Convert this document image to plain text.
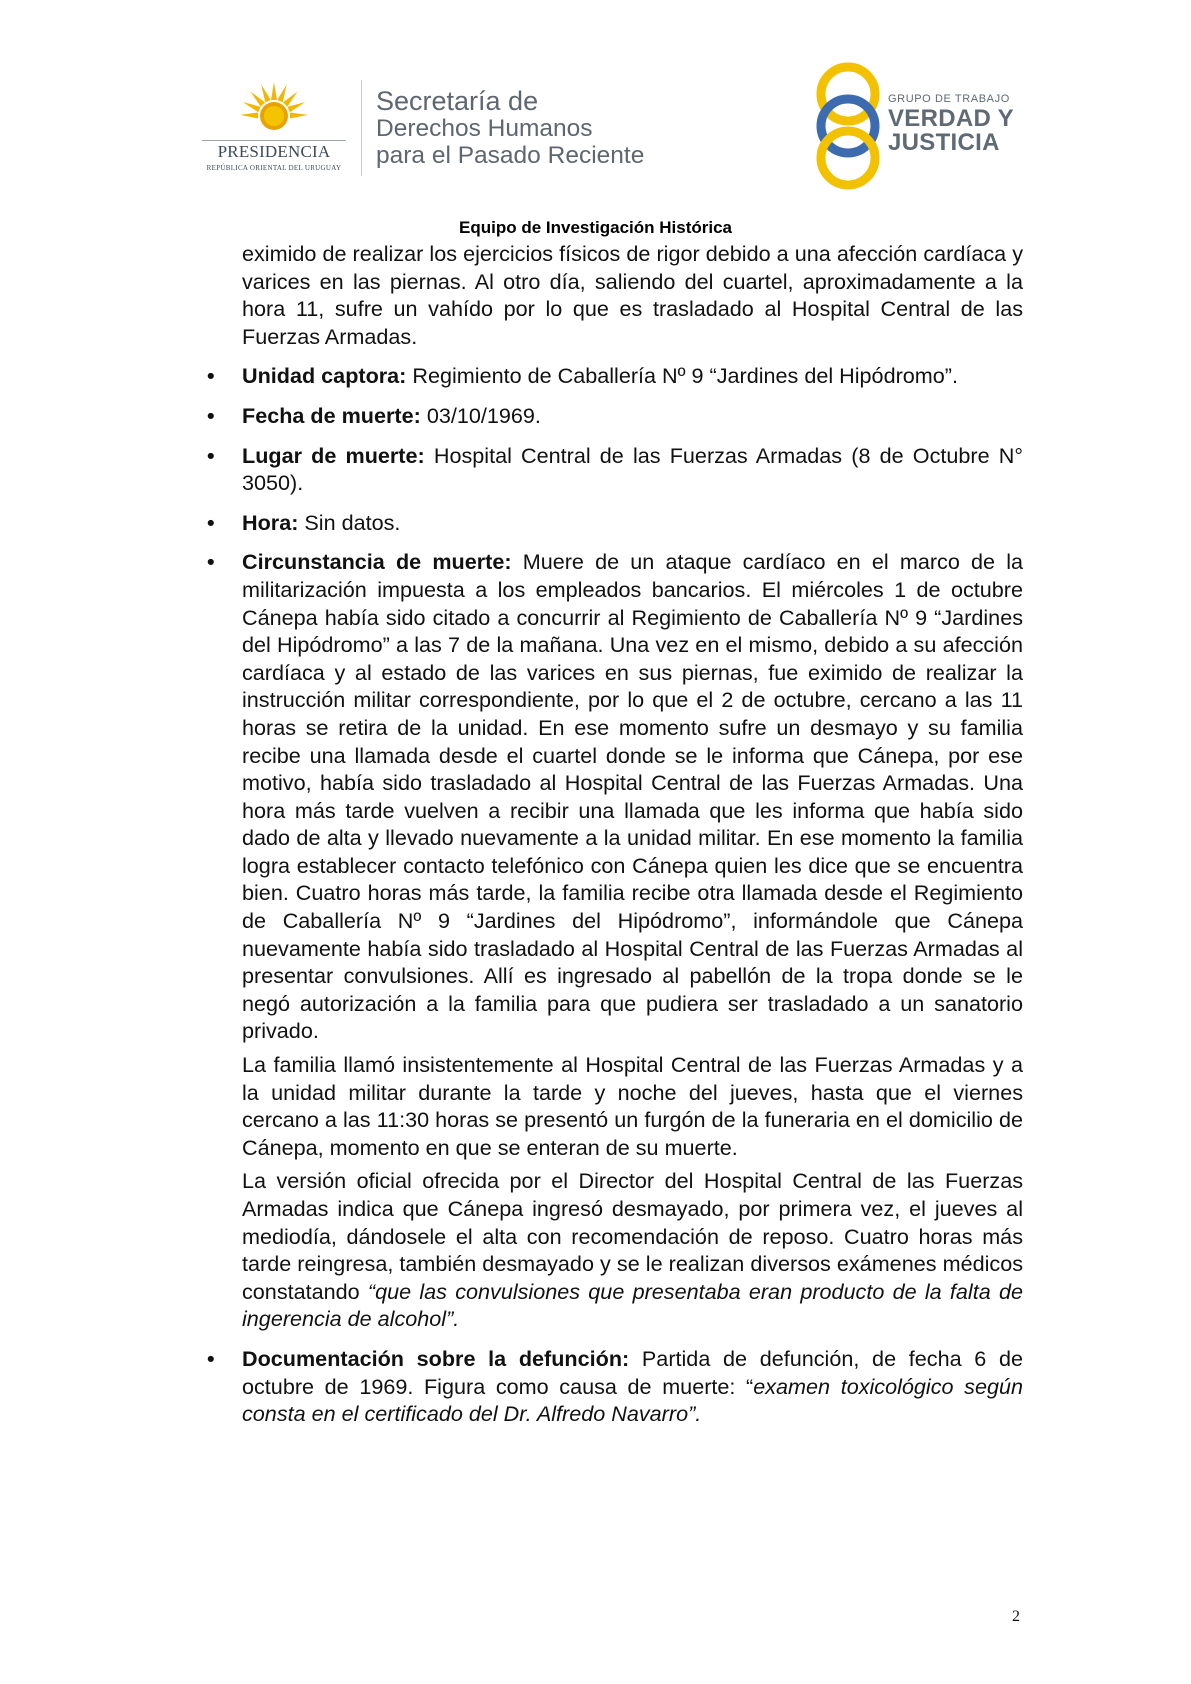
PRESIDENCIA
REPÚBLICA ORIENTAL DEL URUGUAY
Secretaría de
Derechos Humanos
para el Pasado Reciente
GRUPO DE TRABAJO
VERDAD Y
JUSTICIA
Equipo de Investigación Histórica

eximido de realizar los ejercicios físicos de rigor debido a una afección cardíaca y varices en las piernas. Al otro día, saliendo del cuartel, aproximadamente a la hora 11, sufre un vahído por lo que es trasladado al Hospital Central de las Fuerzas Armadas.

• Unidad captora: Regimiento de Caballería Nº 9 “Jardines del Hipódromo”.
• Fecha de muerte: 03/10/1969.
• Lugar de muerte: Hospital Central de las Fuerzas Armadas (8 de Octubre N° 3050).
• Hora: Sin datos.
• Circunstancia de muerte: Muere de un ataque cardíaco en el marco de la militarización impuesta a los empleados bancarios. El miércoles 1 de octubre Cánepa había sido citado a concurrir al Regimiento de Caballería Nº 9 “Jardines del Hipódromo” a las 7 de la mañana. Una vez en el mismo, debido a su afección cardíaca y al estado de las varices en sus piernas, fue eximido de realizar la instrucción militar correspondiente, por lo que el 2 de octubre, cercano a las 11 horas se retira de la unidad. En ese momento sufre un desmayo y su familia recibe una llamada desde el cuartel donde se le informa que Cánepa, por ese motivo, había sido trasladado al Hospital Central de las Fuerzas Armadas. Una hora más tarde vuelven a recibir una llamada que les informa que había sido dado de alta y llevado nuevamente a la unidad militar. En ese momento la familia logra establecer contacto telefónico con Cánepa quien les dice que se encuentra bien. Cuatro horas más tarde, la familia recibe otra llamada desde el Regimiento de Caballería Nº 9 “Jardines del Hipódromo”, informándole que Cánepa nuevamente había sido trasladado al Hospital Central de las Fuerzas Armadas al presentar convulsiones. Allí es ingresado al pabellón de la tropa donde se le negó autorización a la familia para que pudiera ser trasladado a un sanatorio privado.
La familia llamó insistentemente al Hospital Central de las Fuerzas Armadas y a la unidad militar durante la tarde y noche del jueves, hasta que el viernes cercano a las 11:30 horas se presentó un furgón de la funeraria en el domicilio de Cánepa, momento en que se enteran de su muerte.
La versión oficial ofrecida por el Director del Hospital Central de las Fuerzas Armadas indica que Cánepa ingresó desmayado, por primera vez, el jueves al mediodía, dándosele el alta con recomendación de reposo. Cuatro horas más tarde reingresa, también desmayado y se le realizan diversos exámenes médicos constatando “que las convulsiones que presentaba eran producto de la falta de ingerencia de alcohol”.
• Documentación sobre la defunción: Partida de defunción, de fecha 6 de octubre de 1969. Figura como causa de muerte: “examen toxicológico según consta en el certificado del Dr. Alfredo Navarro”.
2
